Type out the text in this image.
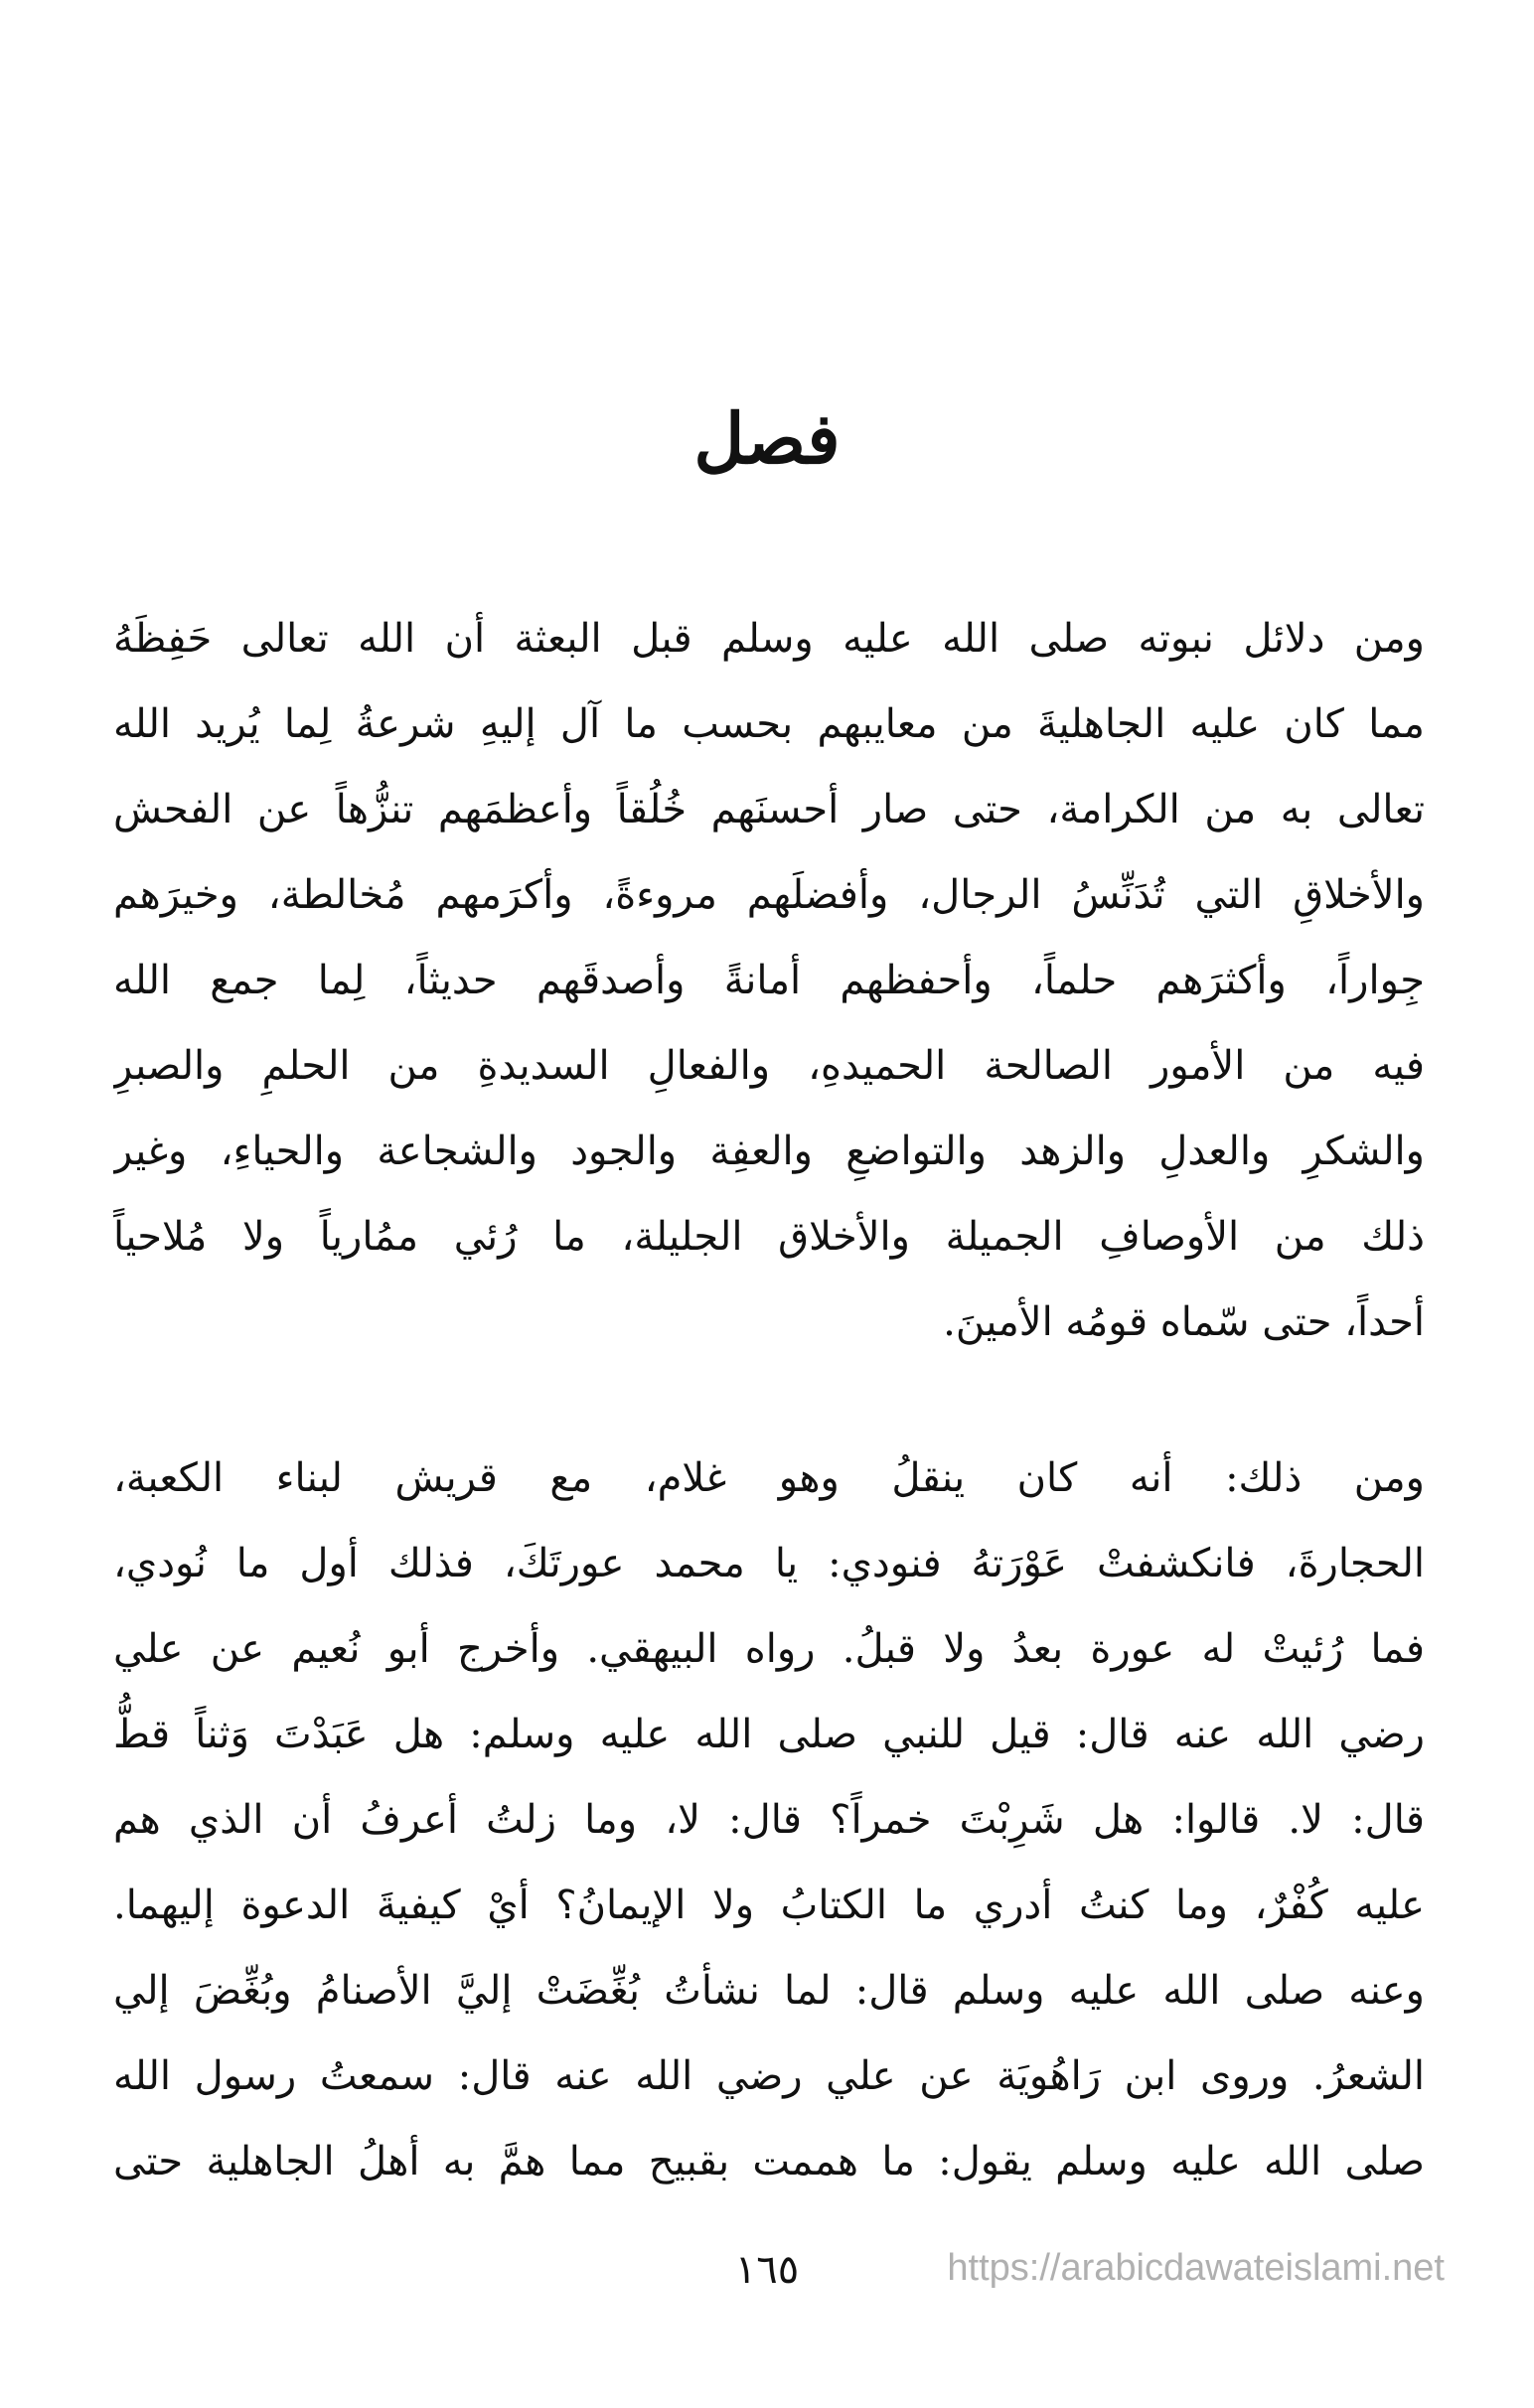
فصل
ومن دلائل نبوته صلى الله عليه وسلم قبل البعثة أن الله تعالى حَفِظَهُ
مما كان عليه الجاهليةَ من معايبهم بحسب ما آل إليهِ شرعةُ لِما يُريد الله
تعالى به من الكرامة، حتى صار أحسنَهم خُلُقاً وأعظمَهم تنزُّهاً عن الفحش
والأخلاقِ التي تُدَنِّسُ الرجال، وأفضلَهم مروءةً، وأكرَمهم مُخالطة، وخيرَهم
جِواراً، وأكثرَهم حلماً، وأحفظهم أمانةً وأصدقَهم حديثاً، لِما جمع الله
فيه من الأمور الصالحة الحميدهِ، والفعالِ السديدةِ من الحلمِ والصبرِ
والشكرِ والعدلِ والزهد والتواضعِ والعفِة والجود والشجاعة والحياءِ، وغير
ذلك من الأوصافِ الجميلة والأخلاق الجليلة، ما رُئي ممُارياً ولا مُلاحياً
أحداً، حتى سّماه قومُه الأمينَ.
ومن ذلك: أنه كان ينقلُ وهو غلام، مع قريش لبناء الكعبة،
الحجارةَ، فانكشفتْ عَوْرَتهُ فنودي: يا محمد عورتَكَ، فذلك أول ما نُودي،
فما رُئيتْ له عورة بعدُ ولا قبلُ. رواه البيهقي. وأخرج أبو نُعيم عن علي
رضي الله عنه قال: قيل للنبي صلى الله عليه وسلم: هل عَبَدْتَ وَثناً قطُّ
قال: لا. قالوا: هل شَرِبْتَ خمراً؟ قال: لا، وما زلتُ أعرفُ أن الذي هم
عليه كُفْرٌ، وما كنتُ أدري ما الكتابُ ولا الإيمانُ؟ أيْ كيفيةَ الدعوة إليهما.
وعنه صلى الله عليه وسلم قال: لما نشأتُ بُغِّضَتْ إليَّ الأصنامُ وبُغِّضَ إلي
الشعرُ. وروى ابن رَاهُويَة عن علي رضي الله عنه قال: سمعتُ رسول الله
صلى الله عليه وسلم يقول: ما هممت بقبيح مما همَّ به أهلُ الجاهلية حتى
١٦٥	https://arabicdawateislami.net
